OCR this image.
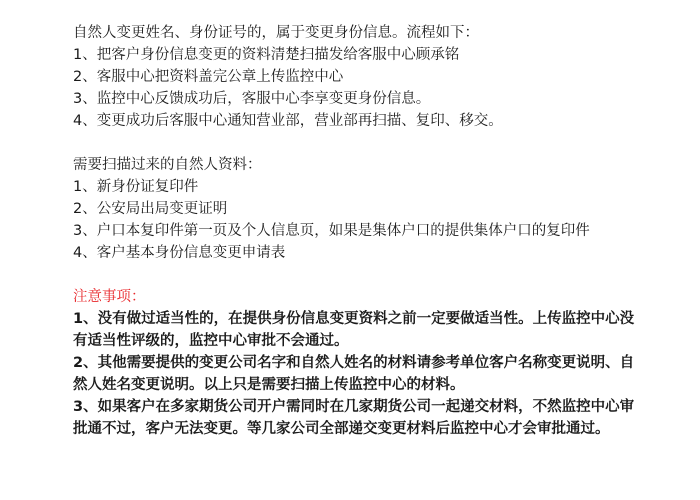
自然人变更姓名、身份证号的，属于变更身份信息。流程如下：

1、把客户身份信息变更的资料清楚扫描发给客服中心顾承铭

2、客服中心把资料盖完公章上传监控中心

3、监控中心反馈成功后，客服中心李享变更身份信息。

4、变更成功后客服中心通知营业部，营业部再扫描、复印、移交。

需要扫描过来的自然人资料：

1、新身份证复印件

2、公安局出局变更证明

3、户口本复印件第一页及个人信息页，如果是集体户口的提供集体户口的复印件

4、客户基本身份信息变更申请表

注意事项：

1、没有做过适当性的，在提供身份信息变更资料之前一定要做适当性。上传监控中心没有适当性评级的，监控中心审批不会通过。

2、其他需要提供的变更公司名字和自然人姓名的材料请参考单位客户名称变更说明、自然人姓名变更说明。以上只是需要扫描上传监控中心的材料。

3、如果客户在多家期货公司开户需同时在几家期货公司一起递交材料，不然监控中心审批通不过，客户无法变更。等几家公司全部递交变更材料后监控中心才会审批通过。
